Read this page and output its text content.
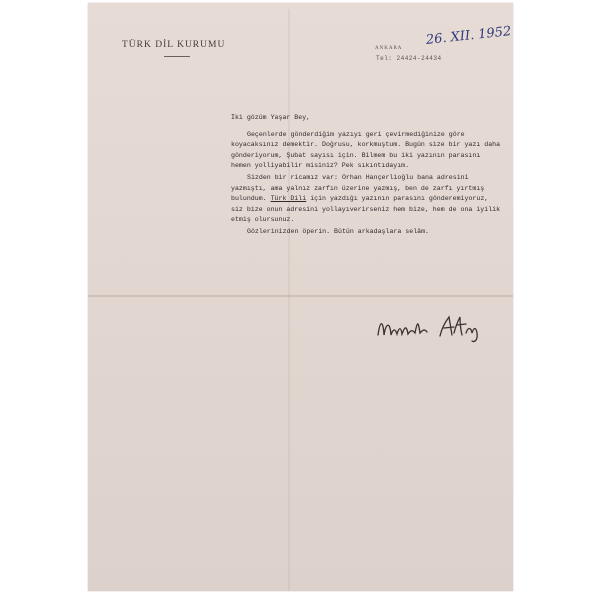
TÜRK DİL KURUMU	ANKARA
Tel: 24424-24434
26. XII. 1952

İki gözüm Yaşar Bey,

Geçenlerde gönderdiğim yazıyı geri çevirmediğinize göre koyacaksınız demektir. Doğrusu, korkmuştum. Bugün size bir yazı daha gönderiyorum, Şubat sayısı için. Bilmem bu iki yazının parasını hemen yolliyabilir misiniz? Pek sıkıntıdayım.

Sizden bir ricamız var: Orhan Hançerlioğlu bana adresini yazmıştı, ama yalnız zarfın üzerine yazmış, ben de zarfı yırtmış bulundum. Türk Dili için yazdığı yazının parasını gönderemiyoruz, siz bize onun adresini yollayıverirseniz hem bize, hem de ona iyilik etmiş olursunuz.

Gözlerinizden öperin. Bütün arkadaşlara selâm.
